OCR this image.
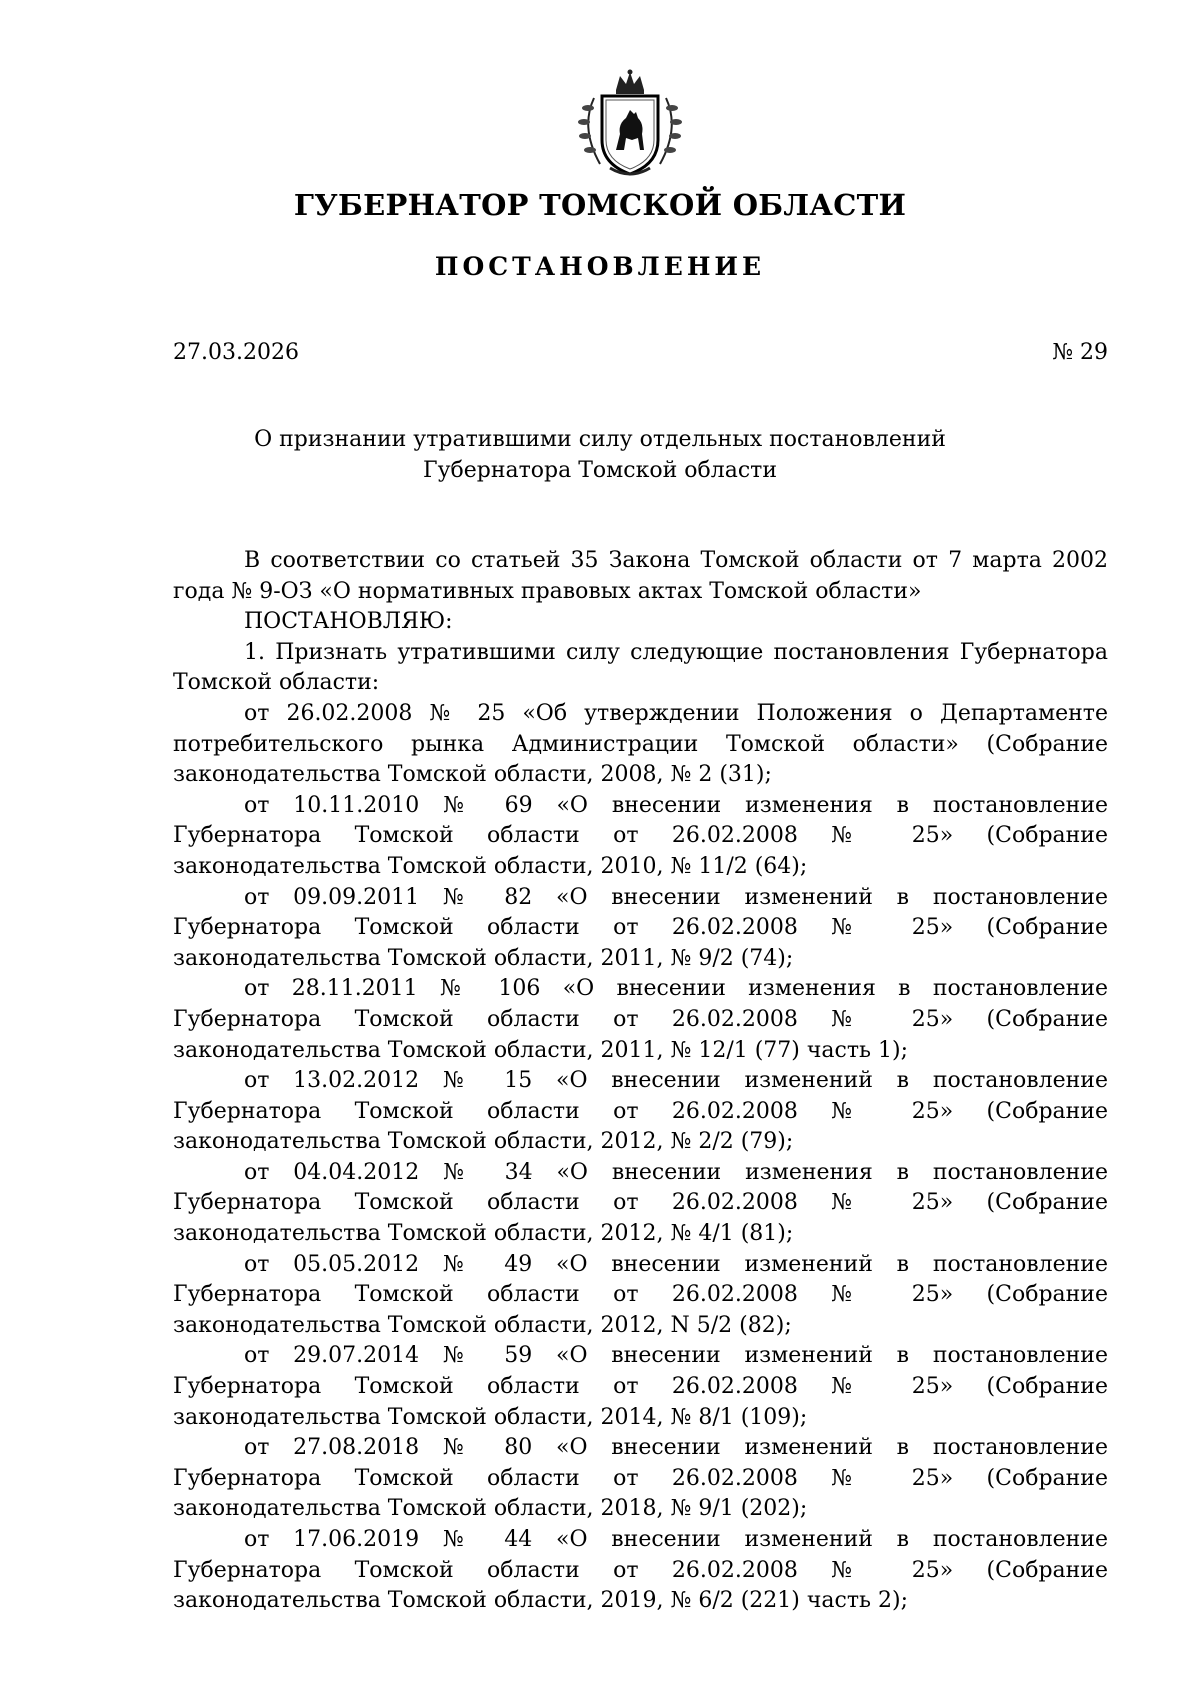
ГУБЕРНАТОР ТОМСКОЙ ОБЛАСТИ
ПОСТАНОВЛЕНИЕ
27.03.2026	№ 29
О признании утратившими силу отдельных постановлений
Губернатора Томской области

В соответствии со статьей 35 Закона Томской области от 7 марта 2002 года № 9-ОЗ «О нормативных правовых актах Томской области»

ПОСТАНОВЛЯЮ:

1. Признать утратившими силу следующие постановления Губернатора Томской области:

от 26.02.2008 № 25 «Об утверждении Положения о Департаменте потребительского рынка Администрации Томской области» (Собрание законодательства Томской области, 2008, № 2 (31);

от 10.11.2010 № 69 «О внесении изменения в постановление Губернатора Томской области от 26.02.2008 № 25» (Собрание законодательства Томской области, 2010, № 11/2 (64);

от 09.09.2011 № 82 «О внесении изменений в постановление Губернатора Томской области от 26.02.2008 № 25» (Собрание законодательства Томской области, 2011, № 9/2 (74);

от 28.11.2011 № 106 «О внесении изменения в постановление Губернатора Томской области от 26.02.2008 № 25» (Собрание законодательства Томской области, 2011, № 12/1 (77) часть 1);

от 13.02.2012 № 15 «О внесении изменений в постановление Губернатора Томской области от 26.02.2008 № 25» (Собрание законодательства Томской области, 2012, № 2/2 (79);

от 04.04.2012 № 34 «О внесении изменения в постановление Губернатора Томской области от 26.02.2008 № 25» (Собрание законодательства Томской области, 2012, № 4/1 (81);

от 05.05.2012 № 49 «О внесении изменений в постановление Губернатора Томской области от 26.02.2008 № 25» (Собрание законодательства Томской области, 2012, N 5/2 (82);

от 29.07.2014 № 59 «О внесении изменений в постановление Губернатора Томской области от 26.02.2008 № 25» (Собрание законодательства Томской области, 2014, № 8/1 (109);

от 27.08.2018 № 80 «О внесении изменений в постановление Губернатора Томской области от 26.02.2008 № 25» (Собрание законодательства Томской области, 2018, № 9/1 (202);

от 17.06.2019 № 44 «О внесении изменений в постановление Губернатора Томской области от 26.02.2008 № 25» (Собрание законодательства Томской области, 2019, № 6/2 (221) часть 2);
